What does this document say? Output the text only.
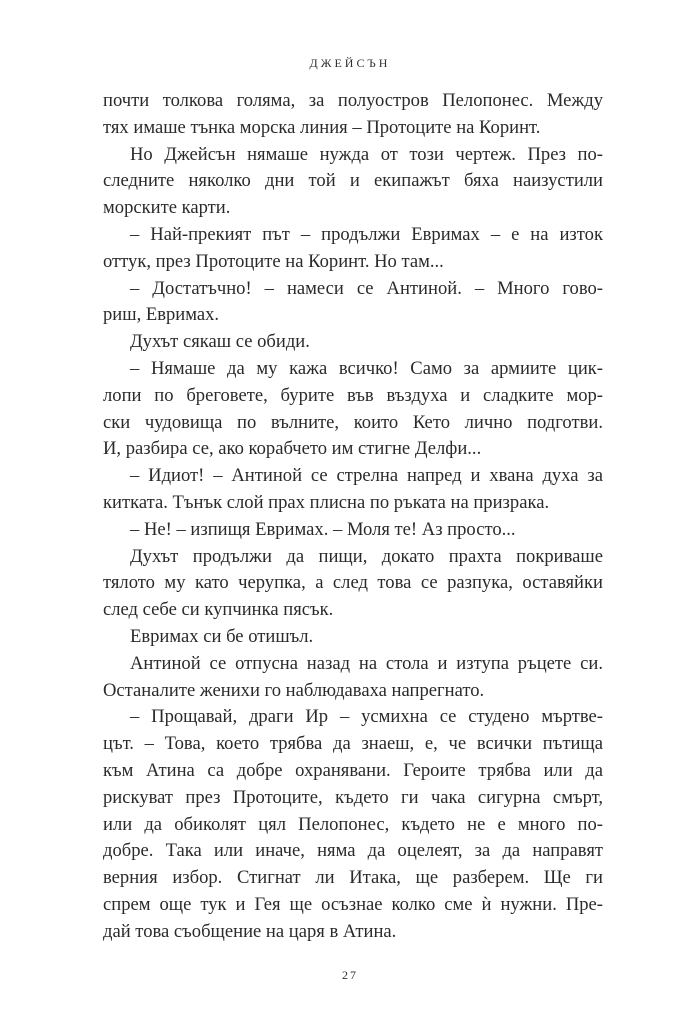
ДЖЕЙСЪН
почти толкова голяма, за полуостров Пелопонес. Между
тях имаше тънка морска линия – Протоците на Коринт.
Но Джейсън нямаше нужда от този чертеж. През по-
следните няколко дни той и екипажът бяха наизустили
морските карти.
– Най-прекият път – продължи Евримах – е на изток
оттук, през Протоците на Коринт. Но там...
– Достатъчно! – намеси се Антиной. – Много гово-
риш, Евримах.
Духът сякаш се обиди.
– Нямаше да му кажа всичко! Само за армиите цик-
лопи по бреговете, бурите във въздуха и сладките мор-
ски чудовища по вълните, които Кето лично подготви.
И, разбира се, ако корабчето им стигне Делфи...
– Идиот! – Антиной се стрелна напред и хвана духа за
китката. Тънък слой прах плисна по ръката на призрака.
– Не! – изпищя Евримах. – Моля те! Аз просто...
Духът продължи да пищи, докато прахта покриваше
тялото му като черупка, а след това се разпука, оставяйки
след себе си купчинка пясък.
Евримах си бе отишъл.
Антиной се отпусна назад на стола и изтупа ръцете си.
Останалите женихи го наблюдаваха напрегнато.
– Прощавай, драги Ир – усмихна се студено мъртве-
цът. – Това, което трябва да знаеш, е, че всички пътища
към Атина са добре охранявани. Героите трябва или да
рискуват през Протоците, където ги чака сигурна смърт,
или да обиколят цял Пелопонес, където не е много по-
добре. Така или иначе, няма да оцелеят, за да направят
верния избор. Стигнат ли Итака, ще разберем. Ще ги
спрем още тук и Гея ще осъзнае колко сме ѝ нужни. Пре-
дай това съобщение на царя в Атина.
27
